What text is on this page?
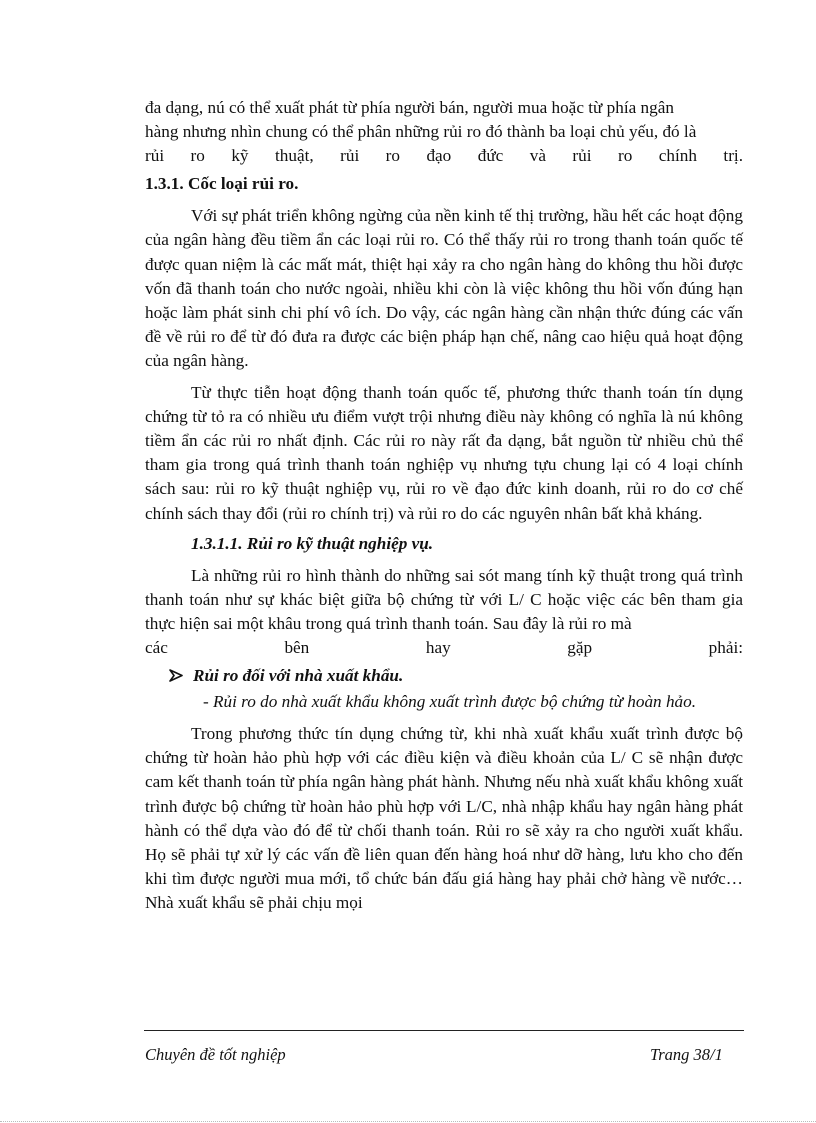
đa dạng, nú có thể xuất phát từ phía người bán, người mua hoặc từ phía ngân

hàng nhưng nhìn chung có thể phân những rủi ro đó thành ba loại chủ yếu, đó là

rủi ro kỹ thuật, rủi ro đạo đức và rủi ro chính trị.

1.3.1. Cốc loại rủi ro.

Với sự phát triển không ngừng của nền kinh tế thị trường, hầu hết các hoạt động của ngân hàng đều tiềm ẩn các loại rủi ro. Có thể thấy rủi ro trong thanh toán quốc tế được quan niệm là các mất mát, thiệt hại xảy ra cho ngân hàng do không thu hồi được vốn đã thanh toán cho nước ngoài, nhiều khi còn là việc không thu hồi vốn đúng hạn hoặc làm phát sinh chi phí vô ích. Do vậy, các ngân hàng cần nhận thức đúng các vấn đề về rủi ro để từ đó đưa ra được các biện pháp hạn chế, nâng cao hiệu quả hoạt động của ngân hàng.

Từ thực tiễn hoạt động thanh toán quốc tế, phương thức thanh toán tín dụng chứng từ tỏ ra có nhiều ưu điểm vượt trội nhưng điều này không có nghĩa là nú không tiềm ẩn các rủi ro nhất định. Các rủi ro này rất đa dạng, bắt nguồn từ nhiều chủ thể tham gia trong quá trình thanh toán nghiệp vụ nhưng tựu chung lại có 4 loại chính sách sau: rủi ro kỹ thuật nghiệp vụ, rủi ro về đạo đức kinh doanh, rủi ro do cơ chế chính sách thay đổi (rủi ro chính trị) và rủi ro do các nguyên nhân bất khả kháng.

1.3.1.1. Rủi ro kỹ thuật nghiệp vụ.

Là những rủi ro hình thành do những sai sót mang tính kỹ thuật trong quá trình thanh toán như sự khác biệt giữa bộ chứng từ với L/ C hoặc việc các bên tham gia thực hiện sai một khâu trong quá trình thanh toán. Sau đây là rủi ro mà

các bên hay gặp phải:

Rủi ro đối với nhà xuất khẩu.

- Rủi ro do nhà xuất khẩu không xuất trình được bộ chứng từ hoàn hảo.

Trong phương thức tín dụng chứng từ, khi nhà xuất khẩu xuất trình được bộ chứng từ hoàn hảo phù hợp với các điều kiện và điều khoản của L/ C sẽ nhận được cam kết thanh toán từ phía ngân hàng phát hành. Nhưng nếu nhà xuất khẩu không xuất trình được bộ chứng từ hoàn hảo phù hợp với L/C, nhà nhập khẩu hay ngân hàng phát hành có thể dựa vào đó để từ chối thanh toán. Rủi ro sẽ xảy ra cho người xuất khẩu. Họ sẽ phải tự xử lý các vấn đề liên quan đến hàng hoá như dỡ hàng, lưu kho cho đến khi tìm được người mua mới, tổ chức bán đấu giá hàng hay phải chở hàng về nước…Nhà xuất khẩu sẽ phải chịu mọi

Chuyên đề tốt nghiệp	Trang 38/1
